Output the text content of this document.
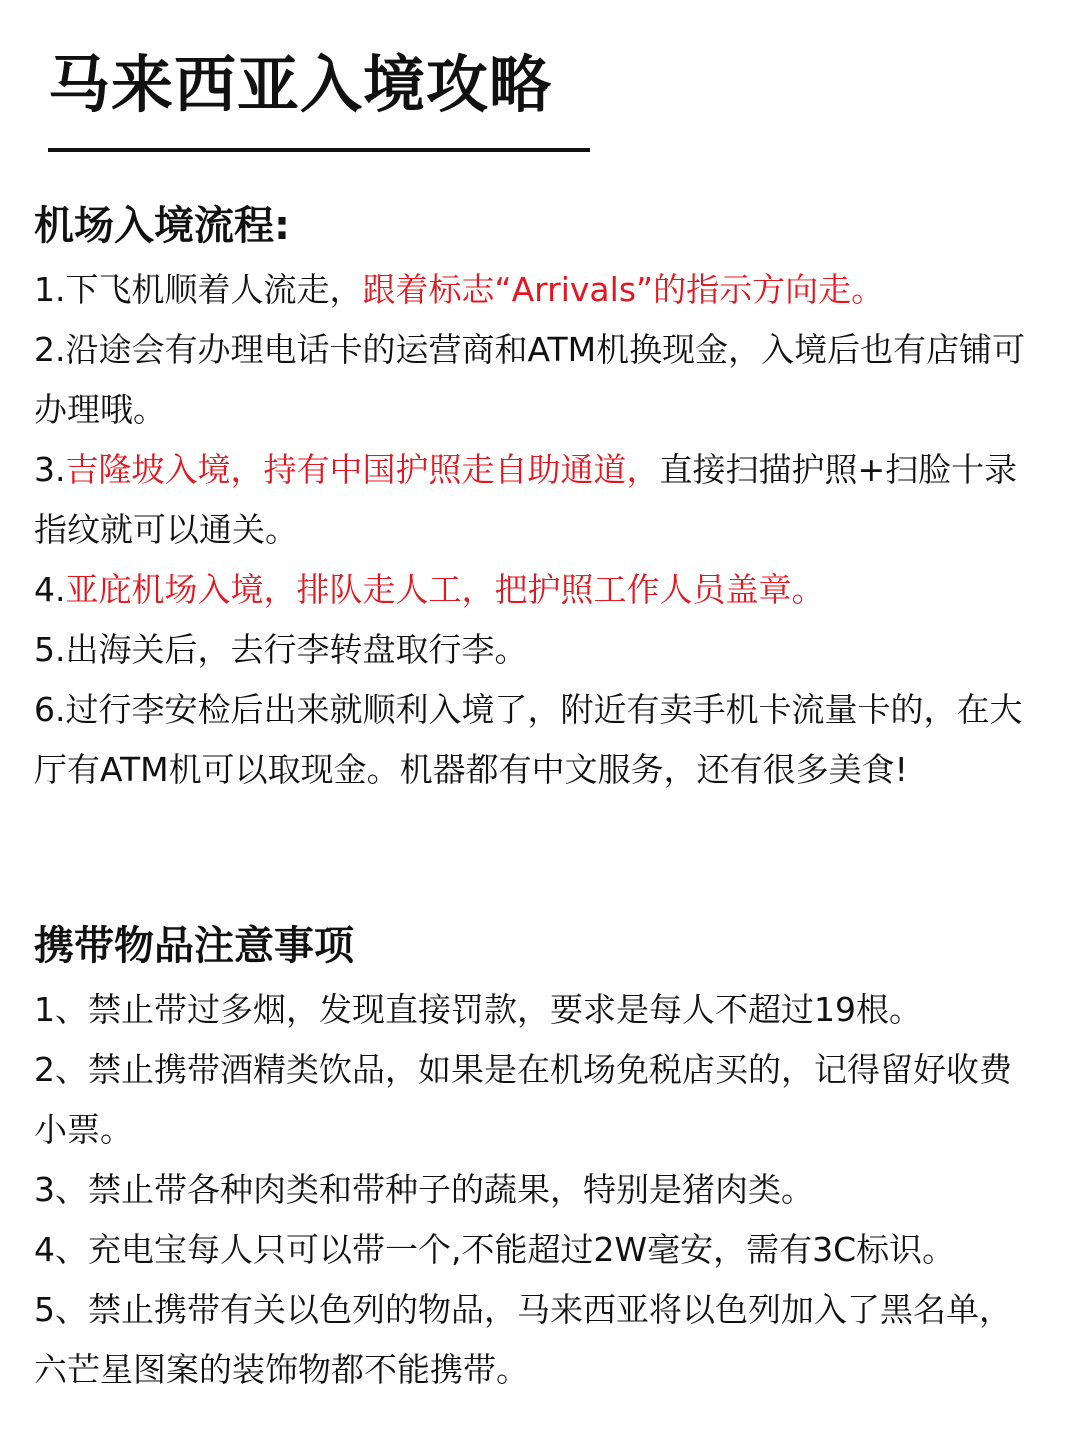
马来西亚入境攻略
机场入境流程:

1.下飞机顺着人流走，跟着标志“Arrivals”的指示方向走。

2.沿途会有办理电话卡的运营商和ATM机换现金，入境后也有店铺可办理哦。

3.吉隆坡入境，持有中国护照走自助通道，直接扫描护照+扫脸十录指纹就可以通关。

4.亚庇机场入境，排队走人工，把护照工作人员盖章。

5.出海关后，去行李转盘取行李。

6.过行李安检后出来就顺利入境了，附近有卖手机卡流量卡的，在大厅有ATM机可以取现金。机器都有中文服务，还有很多美食!

携带物品注意事项

1、禁止带过多烟，发现直接罚款，要求是每人不超过19根。

2、禁止携带酒精类饮品，如果是在机场免税店买的，记得留好收费小票。

3、禁止带各种肉类和带种子的蔬果，特别是猪肉类。

4、充电宝每人只可以带一个,不能超过2W毫安，需有3C标识。

5、禁止携带有关以色列的物品，马来西亚将以色列加入了黑名单，六芒星图案的装饰物都不能携带。
